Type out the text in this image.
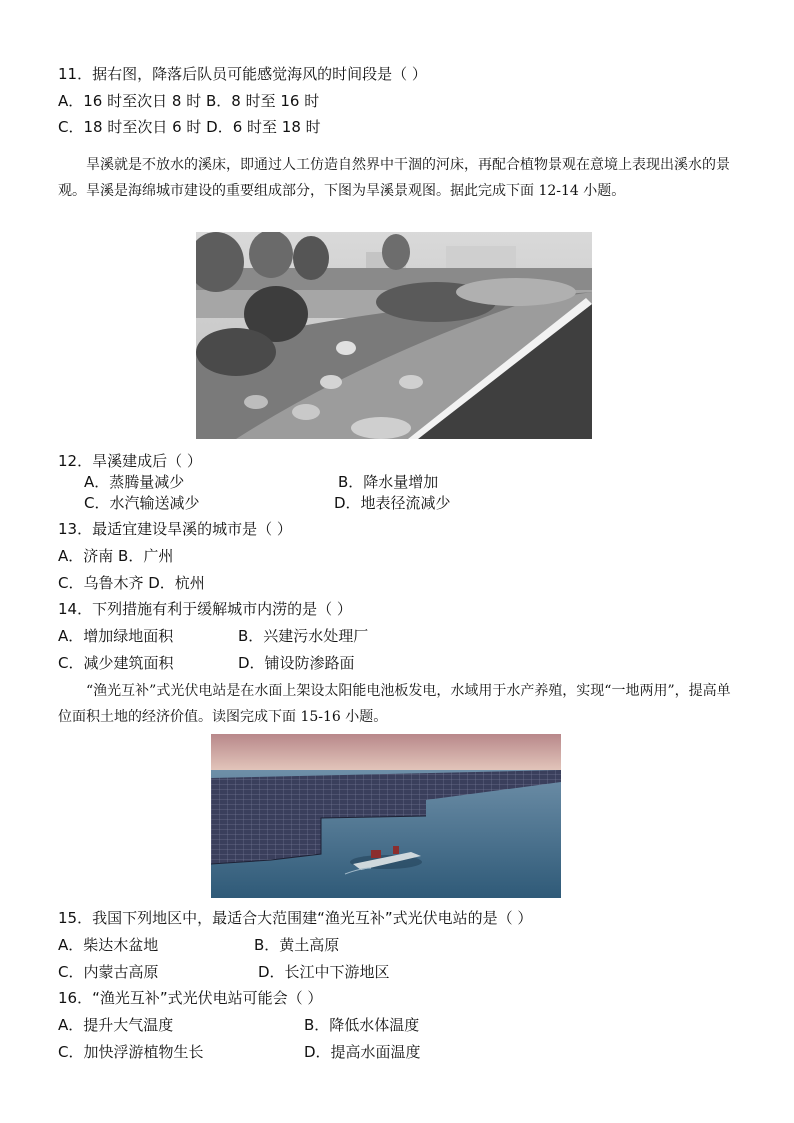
11．据右图，降落后队员可能感觉海风的时间段是（ ）
A．16 时至次日 8 时 B．8 时至 16 时
C．18 时至次日 6 时 D．6 时至 18 时

旱溪就是不放水的溪床，即通过人工仿造自然界中干涸的河床，再配合植物景观在意境上表现出溪水的景观。旱溪是海绵城市建设的重要组成部分，下图为旱溪景观图。据此完成下面 12-14 小题。

12．旱溪建成后（ ）
A．蒸腾量减少	B．降水量增加
C．水汽输送减少	D．地表径流减少
13．最适宜建设旱溪的城市是（ ）
A．济南 B．广州
C．乌鲁木齐 D．杭州
14．下列措施有利于缓解城市内涝的是（ ）
A．增加绿地面积	B．兴建污水处理厂
C．减少建筑面积	D．铺设防渗路面

“渔光互补”式光伏电站是在水面上架设太阳能电池板发电，水域用于水产养殖，实现“一地两用”，提高单位面积土地的经济价值。读图完成下面 15-16 小题。

15．我国下列地区中，最适合大范围建“渔光互补”式光伏电站的是（ ）
A．柴达木盆地	B．黄土高原
C．内蒙古高原	D．长江中下游地区
16．“渔光互补”式光伏电站可能会（ ）
A．提升大气温度	B．降低水体温度
C．加快浮游植物生长	D．提高水面温度
